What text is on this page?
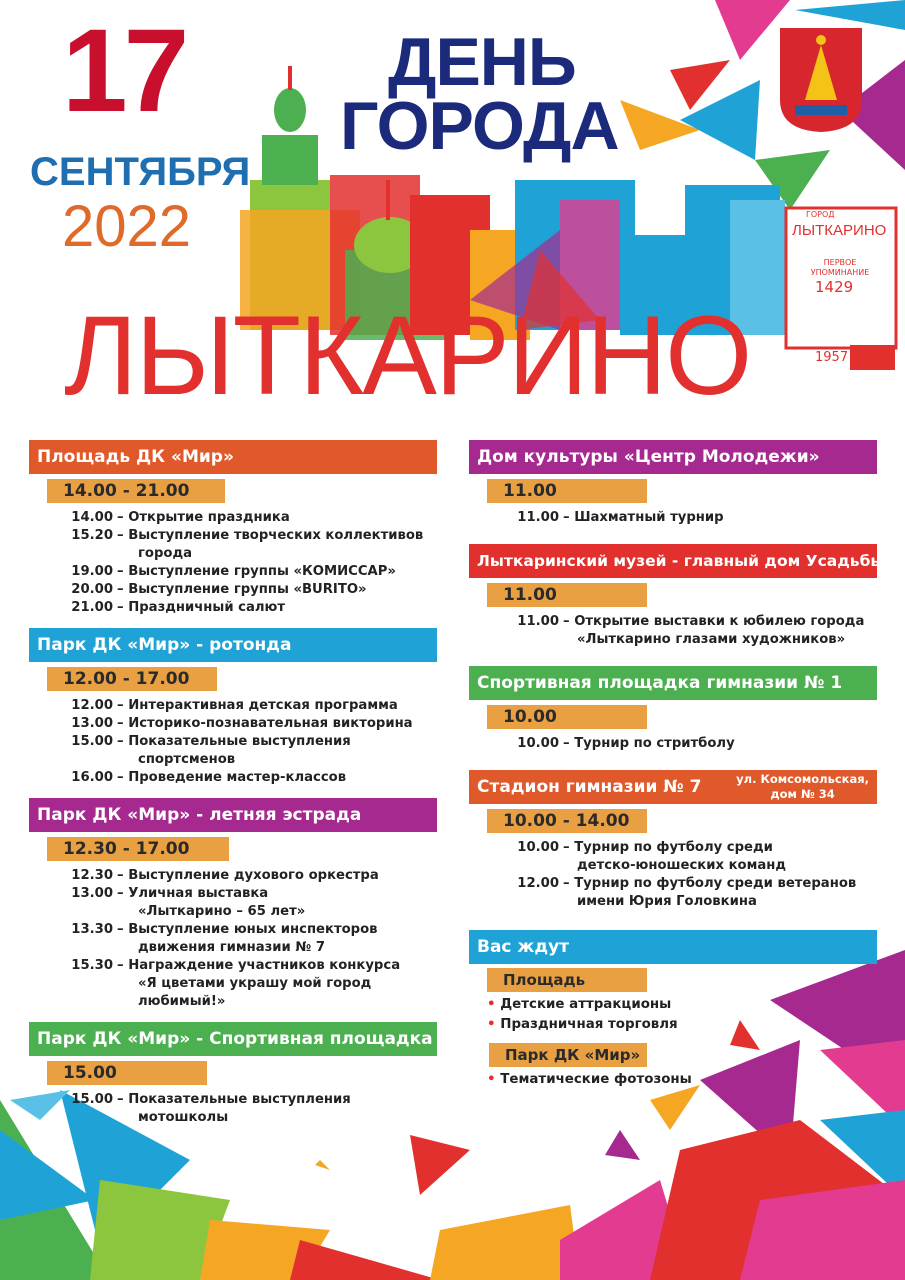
17
СЕНТЯБРЯ
2022
ДЕНЬ
ГОРОДА
ЛЫТКАРИНО
ГОРОД
ЛЫТКАРИНО
ПЕРВОЕ УПОМИНАНИЕ
1429
1957
Площадь ДК «Мир»
14.00 - 21.00
14.00	– Открытие праздника
15.20	– Выступление творческих коллективов
города
19.00	– Выступление группы «КОМИССАР»
20.00	– Выступление группы «BURITO»
21.00	– Праздничный салют
Парк ДК «Мир» - ротонда
12.00 - 17.00
12.00	– Интерактивная детская программа
13.00	– Историко-познавательная викторина
15.00	– Показательные выступления
спортсменов
16.00	– Проведение мастер-классов
Парк ДК «Мир» - летняя эстрада
12.30 - 17.00
12.30	– Выступление духового оркестра
13.00	– Уличная выставка
«Лыткарино – 65 лет»
13.30	– Выступление юных инспекторов
движения гимназии № 7
15.30	– Награждение участников конкурса
«Я цветами украшу мой город
любимый!»
Парк ДК «Мир» - Спортивная площадка
15.00
15.00	– Показательные выступления
мотошколы
Дом культуры «Центр Молодежи»
11.00
11.00	– Шахматный турнир
Лыткаринский музей - главный дом Усадьбы
11.00
11.00	– Открытие выставки к юбилею города
«Лыткарино глазами художников»
Спортивная площадка гимназии № 1
10.00
10.00	– Турнир по стритболу
Стадион гимназии № 7	ул. Комсомольская,
дом № 34
10.00 - 14.00
10.00	– Турнир по футболу среди
детско-юношеских команд
12.00	– Турнир по футболу среди ветеранов
имени Юрия Головкина
Вас ждут
Площадь
• Детские аттракционы
• Праздничная торговля
Парк ДК «Мир»
• Тематические фотозоны
